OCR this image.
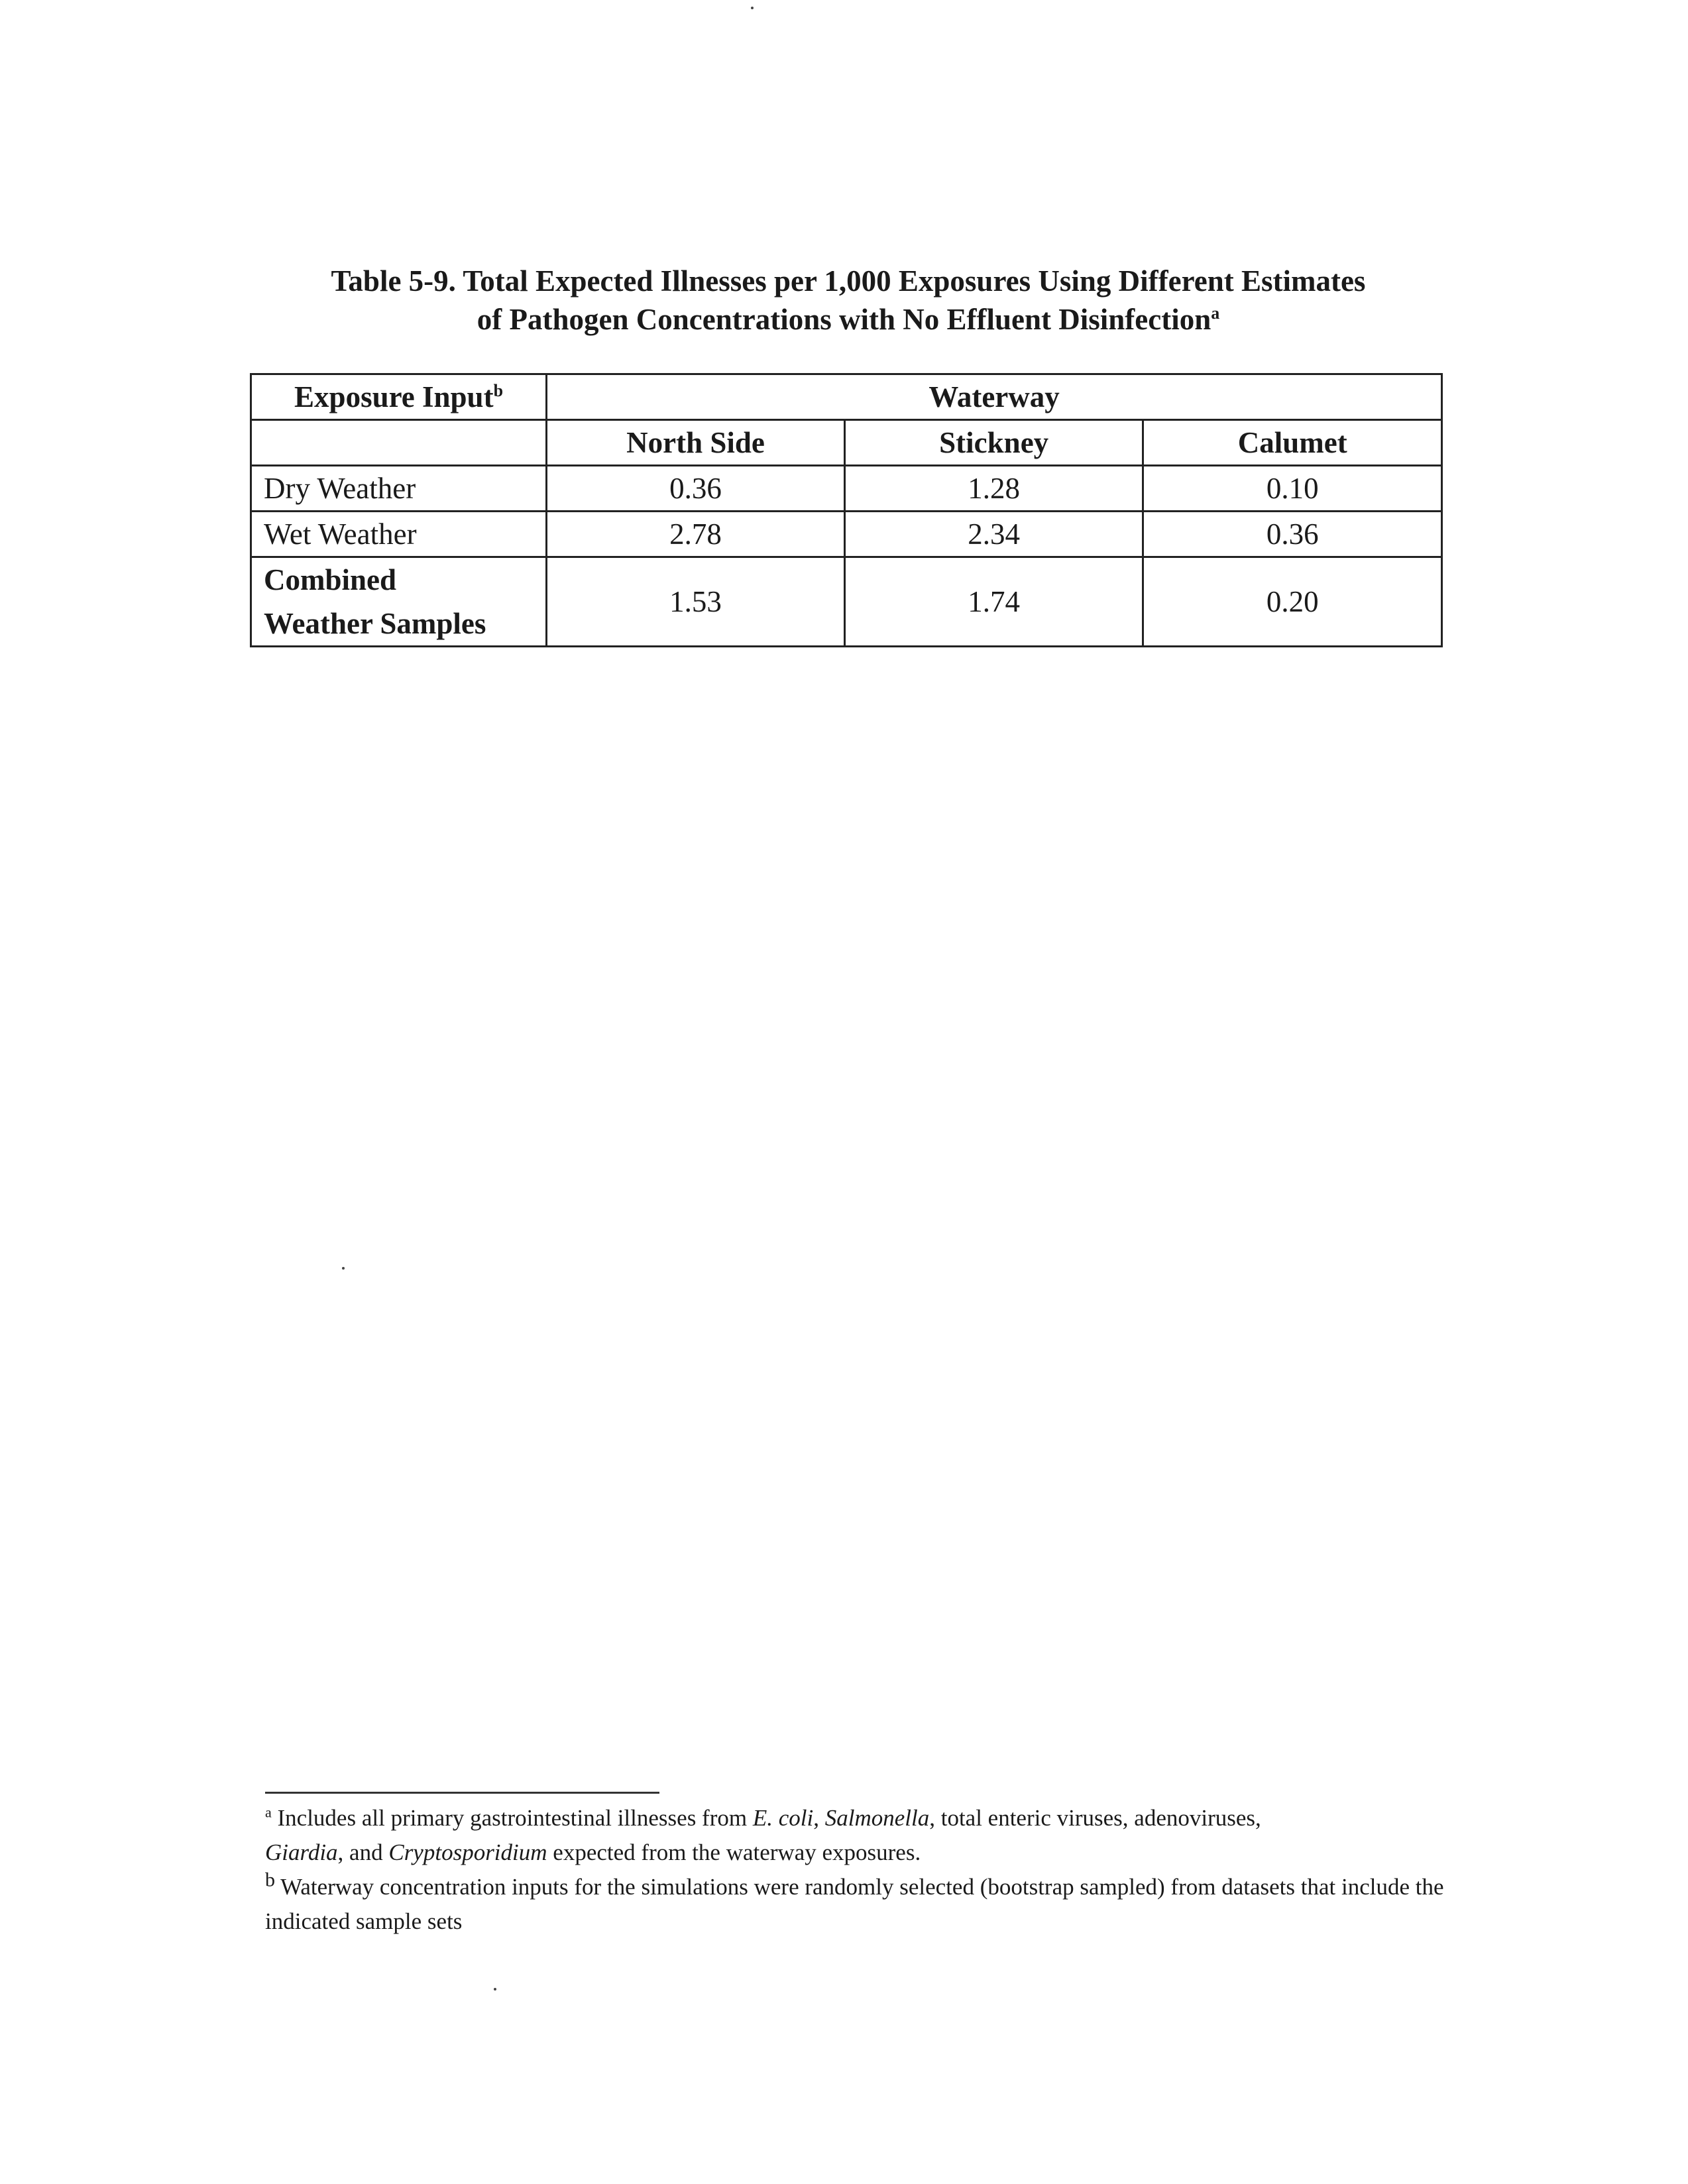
Table 5-9. Total Expected Illnesses per 1,000 Exposures Using Different Estimates
of Pathogen Concentrations with No Effluent Disinfection$^a$
Exposure Input$^b$	Waterway		
	North Side	Stickney	Calumet
Dry Weather	0.36	1.28	0.10
Wet Weather	2.78	2.34	0.36
Combined
Weather Samples	1.53	1.74	0.20

$^a$ Includes all primary gastrointestinal illnesses from E. coli, Salmonella, total enteric viruses, adenoviruses,
Giardia, and Cryptosporidium expected from the waterway exposures.

b Waterway concentration inputs for the simulations were randomly selected (bootstrap sampled) from datasets that include the indicated sample sets
